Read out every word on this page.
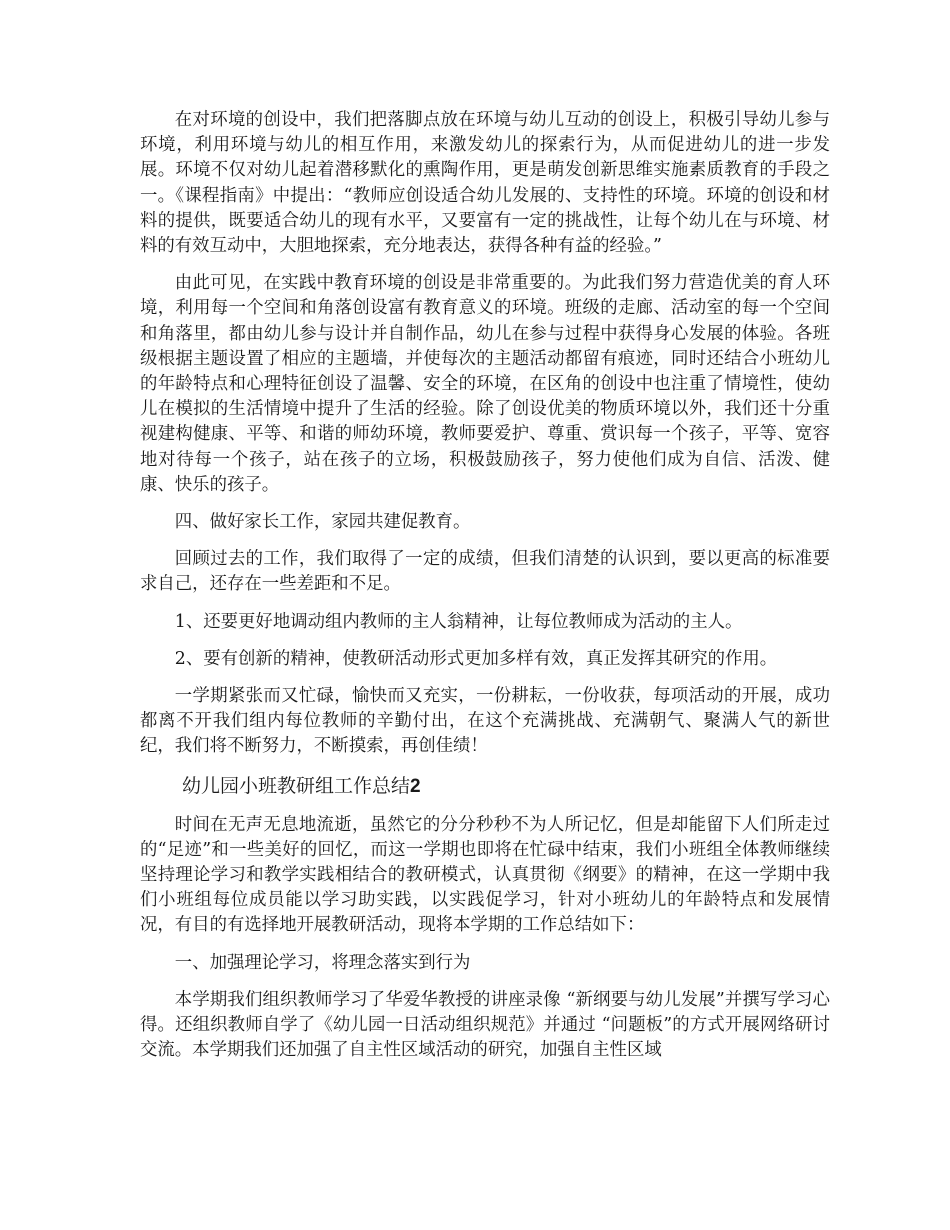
在对环境的创设中，我们把落脚点放在环境与幼儿互动的创设上，积极引导幼儿参与环境，利用环境与幼儿的相互作用，来激发幼儿的探索行为，从而促进幼儿的进一步发展。环境不仅对幼儿起着潜移默化的熏陶作用，更是萌发创新思维实施素质教育的手段之一。《课程指南》中提出：“教师应创设适合幼儿发展的、支持性的环境。环境的创设和材料的提供，既要适合幼儿的现有水平，又要富有一定的挑战性，让每个幼儿在与环境、材料的有效互动中，大胆地探索，充分地表达，获得各种有益的经验。”

由此可见，在实践中教育环境的创设是非常重要的。为此我们努力营造优美的育人环境，利用每一个空间和角落创设富有教育意义的环境。班级的走廊、活动室的每一个空间和角落里，都由幼儿参与设计并自制作品，幼儿在参与过程中获得身心发展的体验。各班级根据主题设置了相应的主题墙，并使每次的主题活动都留有痕迹，同时还结合小班幼儿的年龄特点和心理特征创设了温馨、安全的环境，在区角的创设中也注重了情境性，使幼儿在模拟的生活情境中提升了生活的经验。除了创设优美的物质环境以外，我们还十分重视建构健康、平等、和谐的师幼环境，教师要爱护、尊重、赏识每一个孩子，平等、宽容地对待每一个孩子，站在孩子的立场，积极鼓励孩子，努力使他们成为自信、活泼、健康、快乐的孩子。

四、做好家长工作，家园共建促教育。

回顾过去的工作，我们取得了一定的成绩，但我们清楚的认识到，要以更高的标准要求自己，还存在一些差距和不足。

1、还要更好地调动组内教师的主人翁精神，让每位教师成为活动的主人。

2、要有创新的精神，使教研活动形式更加多样有效，真正发挥其研究的作用。

一学期紧张而又忙碌，愉快而又充实，一份耕耘，一份收获，每项活动的开展，成功都离不开我们组内每位教师的辛勤付出，在这个充满挑战、充满朝气、聚满人气的新世纪，我们将不断努力，不断摸索，再创佳绩！

幼儿园小班教研组工作总结2

时间在无声无息地流逝，虽然它的分分秒秒不为人所记忆，但是却能留下人们所走过的“足迹”和一些美好的回忆，而这一学期也即将在忙碌中结束，我们小班组全体教师继续坚持理论学习和教学实践相结合的教研模式，认真贯彻《纲要》的精神，在这一学期中我们小班组每位成员能以学习助实践，以实践促学习，针对小班幼儿的年龄特点和发展情况，有目的有选择地开展教研活动，现将本学期的工作总结如下：

一、加强理论学习，将理念落实到行为

本学期我们组织教师学习了华爱华教授的讲座录像 “新纲要与幼儿发展”并撰写学习心得。还组织教师自学了《幼儿园一日活动组织规范》并通过 “问题板”的方式开展网络研讨交流。本学期我们还加强了自主性区域活动的研究，加强自主性区域
